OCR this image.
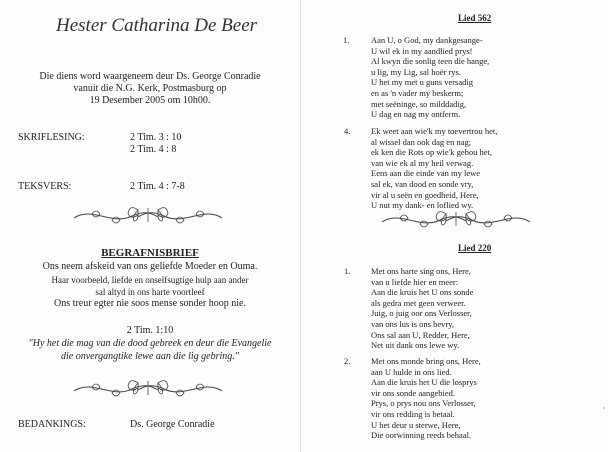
Hester Catharina De Beer
Die diens word waargeneem deur Ds. George Conradie
vanuit die N.G. Kerk, Postmasburg op
19 Desember 2005 om 10h00.
SKRIFLESING:	2 Tim. 3 : 10
2 Tim. 4 : 8
TEKSVERS:	2 Tim. 4 : 7-8
BEGRAFNISBRIEF
Ons neem afskeid van ons geliefde Moeder en Ouma.
Haar voorbeeld, liefde en onselfsugtige hulp aan ander
sal altyd in ons harte voortleef
Ons treur egter nie soos mense sonder hoop nie.
2 Tim. 1:10
"Hy het die mag van die dood gebreek en deur die Evangelie
die onvergangtike lewe aan die lig gebring."
BEDANKINGS:	Ds. George Conradie
Lied 562
1.	Aan U, o God, my dankgesange-
U wil ek in my aandlied prys!
Al kwyn die sonlig teen die hange,
u lig, my Lig, sal hoër rys.
U het my met u guns versadig
en as 'n vader my beskerm;
met seëninge, so milddadig,
U dag en nag my ontferm.
4. Ek weet aan wie'k my toevertrou het,
al wissel dan ook dag en nag;
ek ken die Rots op wie'k gebou het,
van wie ek al my heil verwag.
Eens aan die einde van my lewe
sal ek, van dood en sonde vry,
vir al u seën en goedheid, Here,
U nut my dank- en loflied wy.
Lied 220
1. Met ons harte sing ons, Here,
van u liefde hier en meer:
Aan die kruis het U ons sonde
als gedra met geen verweer.
Juig, o juig oor ons Verlosser,
van ons lus is ons bevry,
Ons sal aan U, Redder, Here,
Net uit dank ons lewe wy.
2. Met ons monde bring ons, Here,
aan U hulde in ons lied.
Aan die kruis het U die losprys
vir ons sonde aangebied.
Prys, o prys nou ons Verlosser,
vir ons redding is betaal.
U het deur u sterwe, Here,
Die oorwinning reeds behaal.
